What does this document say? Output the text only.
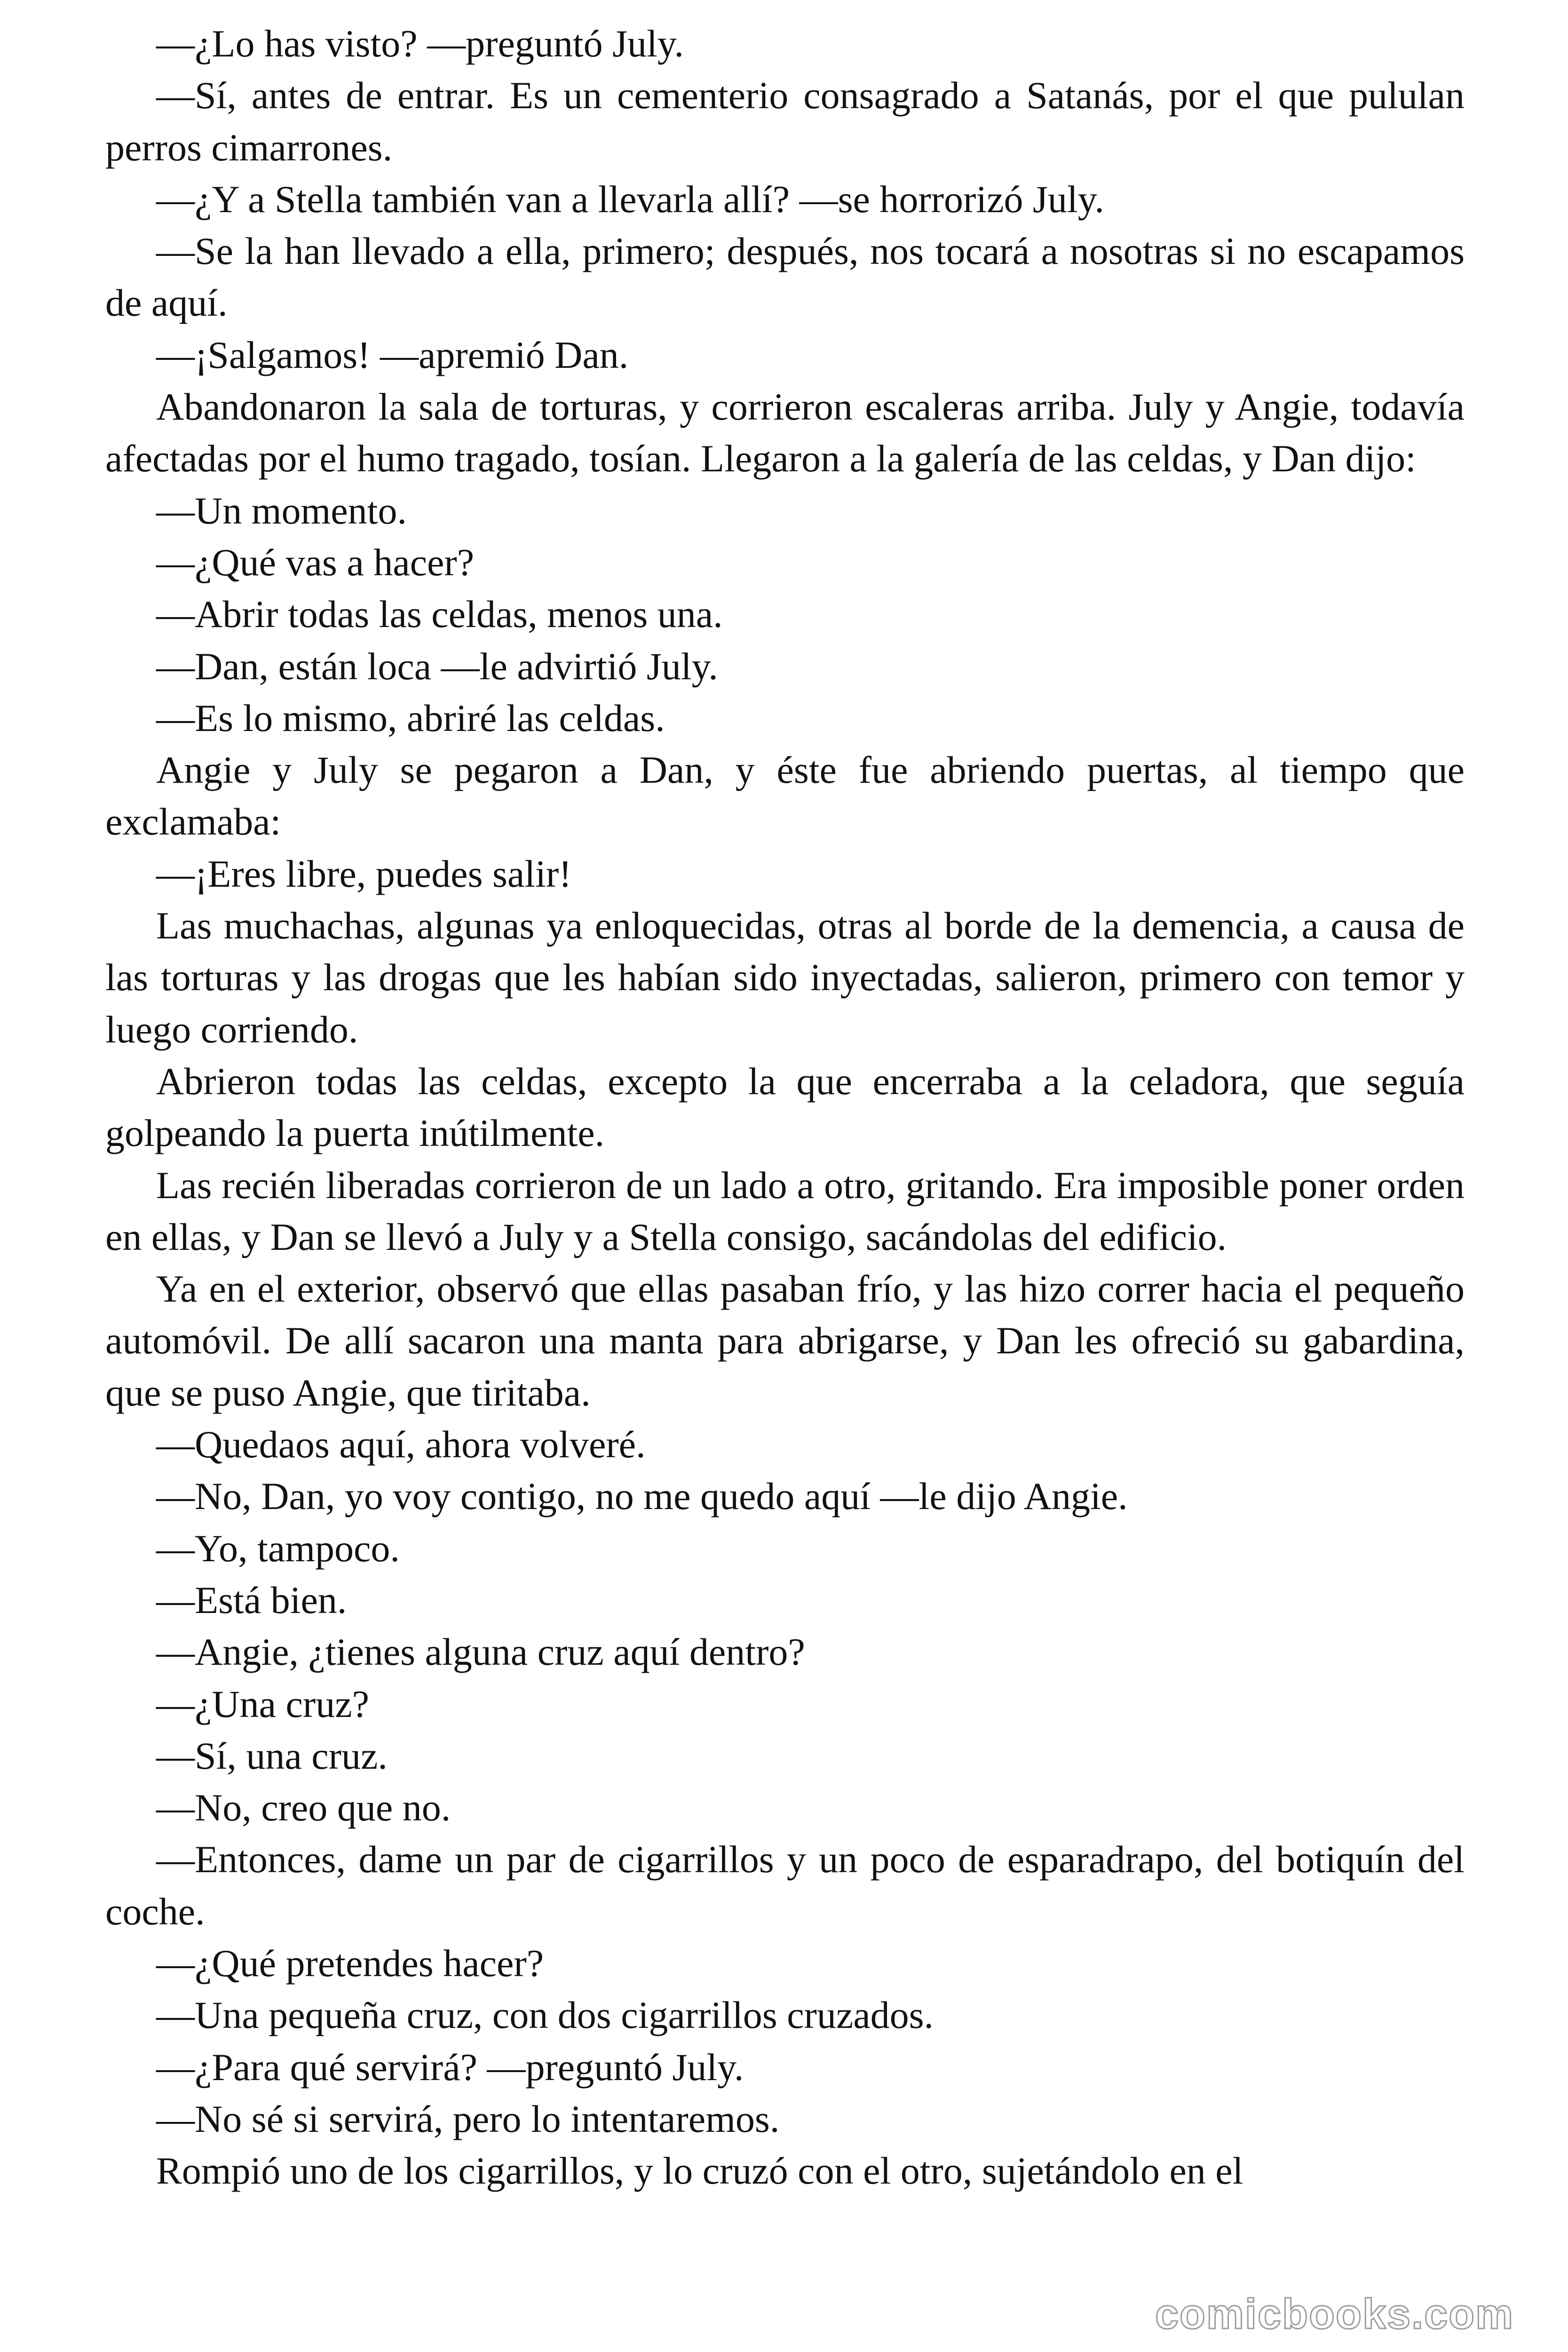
—¿Lo has visto? —preguntó July.

—Sí, antes de entrar. Es un cementerio consagrado a Satanás, por el que pululan perros cimarrones.

—¿Y a Stella también van a llevarla allí? —se horrorizó July.

—Se la han llevado a ella, primero; después, nos tocará a nosotras si no escapamos de aquí.

—¡Salgamos! —apremió Dan.

Abandonaron la sala de torturas, y corrieron escaleras arriba. July y Angie, todavía afectadas por el humo tragado, tosían. Llegaron a la galería de las celdas, y Dan dijo:

—Un momento.

—¿Qué vas a hacer?

—Abrir todas las celdas, menos una.

—Dan, están loca —le advirtió July.

—Es lo mismo, abriré las celdas.

Angie y July se pegaron a Dan, y éste fue abriendo puertas, al tiempo que exclamaba:

—¡Eres libre, puedes salir!

Las muchachas, algunas ya enloquecidas, otras al borde de la demencia, a causa de las torturas y las drogas que les habían sido inyectadas, salieron, primero con temor y luego corriendo.

Abrieron todas las celdas, excepto la que encerraba a la celadora, que seguía golpeando la puerta inútilmente.

Las recién liberadas corrieron de un lado a otro, gritando. Era imposible poner orden en ellas, y Dan se llevó a July y a Stella consigo, sacándolas del edificio.

Ya en el exterior, observó que ellas pasaban frío, y las hizo correr hacia el pequeño automóvil. De allí sacaron una manta para abrigarse, y Dan les ofreció su gabardina, que se puso Angie, que tiritaba.

—Quedaos aquí, ahora volveré.

—No, Dan, yo voy contigo, no me quedo aquí —le dijo Angie.

—Yo, tampoco.

—Está bien.

—Angie, ¿tienes alguna cruz aquí dentro?

—¿Una cruz?

—Sí, una cruz.

—No, creo que no.

—Entonces, dame un par de cigarrillos y un poco de esparadrapo, del botiquín del coche.

—¿Qué pretendes hacer?

—Una pequeña cruz, con dos cigarrillos cruzados.

—¿Para qué servirá? —preguntó July.

—No sé si servirá, pero lo intentaremos.

Rompió uno de los cigarrillos, y lo cruzó con el otro, sujetándolo en el

comicbooks.com
